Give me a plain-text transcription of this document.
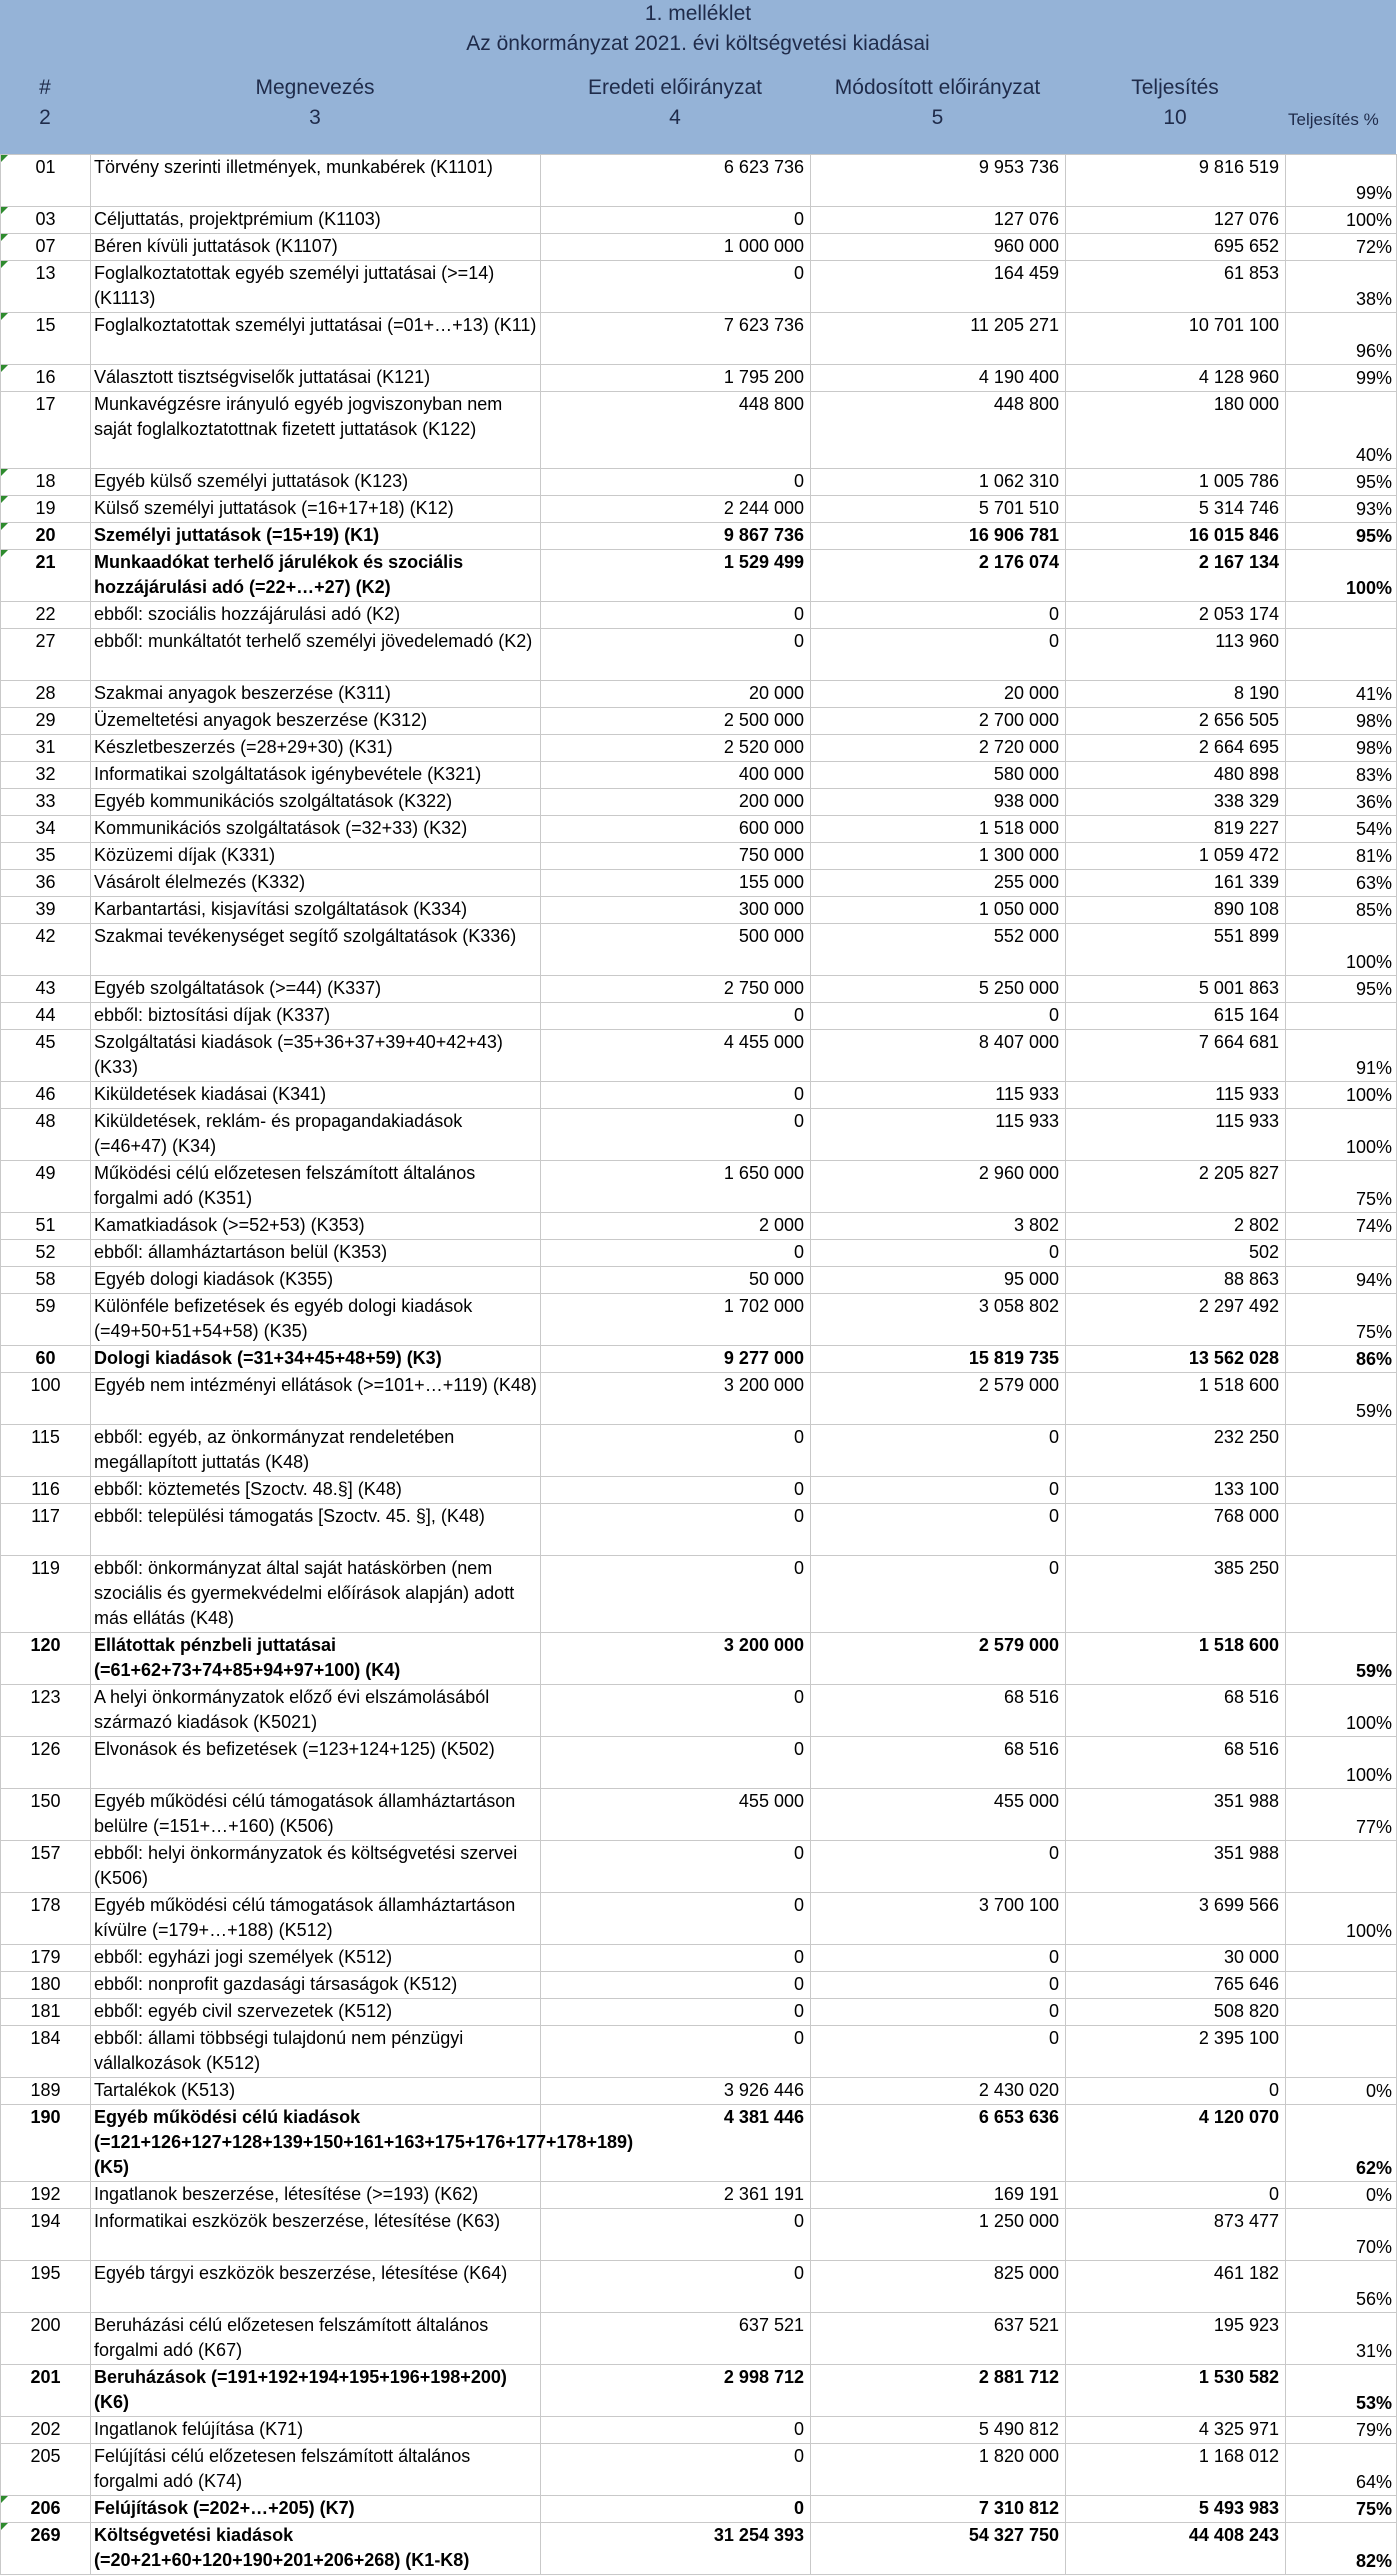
1. melléklet
Az önkormányzat 2021. évi költségvetési kiadásai
#	Megnevezés	Eredeti előirányzat	Módosított előirányzat	Teljesítés
2	3	4	5	10	Teljesítés %
01	Törvény szerinti illetmények, munkabérek (K1101)	6 623 736	9 953 736	9 816 519	99%
03	Céljuttatás, projektprémium (K1103)	0	127 076	127 076	100%
07	Béren kívüli juttatások (K1107)	1 000 000	960 000	695 652	72%
13	Foglalkoztatottak egyéb személyi juttatásai (>=14) (K1113)	0	164 459	61 853	38%
15	Foglalkoztatottak személyi juttatásai (=01+…+13) (K11)	7 623 736	11 205 271	10 701 100	96%
16	Választott tisztségviselők juttatásai (K121)	1 795 200	4 190 400	4 128 960	99%
17	Munkavégzésre irányuló egyéb jogviszonyban nem saját foglalkoztatottnak fizetett juttatások (K122)	448 800	448 800	180 000	40%
18	Egyéb külső személyi juttatások (K123)	0	1 062 310	1 005 786	95%
19	Külső személyi juttatások (=16+17+18) (K12)	2 244 000	5 701 510	5 314 746	93%
20	Személyi juttatások (=15+19) (K1)	9 867 736	16 906 781	16 015 846	95%
21	Munkaadókat terhelő járulékok és szociális hozzájárulási adó (=22+…+27) (K2)	1 529 499	2 176 074	2 167 134	100%
22	ebből: szociális hozzájárulási adó (K2)	0	0	2 053 174	
27	ebből: munkáltatót terhelő személyi jövedelemadó (K2)	0	0	113 960	
28	Szakmai anyagok beszerzése (K311)	20 000	20 000	8 190	41%
29	Üzemeltetési anyagok beszerzése (K312)	2 500 000	2 700 000	2 656 505	98%
31	Készletbeszerzés (=28+29+30) (K31)	2 520 000	2 720 000	2 664 695	98%
32	Informatikai szolgáltatások igénybevétele (K321)	400 000	580 000	480 898	83%
33	Egyéb kommunikációs szolgáltatások (K322)	200 000	938 000	338 329	36%
34	Kommunikációs szolgáltatások (=32+33) (K32)	600 000	1 518 000	819 227	54%
35	Közüzemi díjak (K331)	750 000	1 300 000	1 059 472	81%
36	Vásárolt élelmezés (K332)	155 000	255 000	161 339	63%
39	Karbantartási, kisjavítási szolgáltatások (K334)	300 000	1 050 000	890 108	85%
42	Szakmai tevékenységet segítő szolgáltatások (K336)	500 000	552 000	551 899	100%
43	Egyéb szolgáltatások (>=44) (K337)	2 750 000	5 250 000	5 001 863	95%
44	ebből: biztosítási díjak (K337)	0	0	615 164	
45	Szolgáltatási kiadások (=35+36+37+39+40+42+43) (K33)	4 455 000	8 407 000	7 664 681	91%
46	Kiküldetések kiadásai (K341)	0	115 933	115 933	100%
48	Kiküldetések, reklám- és propagandakiadások (=46+47) (K34)	0	115 933	115 933	100%
49	Működési célú előzetesen felszámított általános forgalmi adó (K351)	1 650 000	2 960 000	2 205 827	75%
51	Kamatkiadások (>=52+53) (K353)	2 000	3 802	2 802	74%
52	ebből: államháztartáson belül (K353)	0	0	502	
58	Egyéb dologi kiadások (K355)	50 000	95 000	88 863	94%
59	Különféle befizetések és egyéb dologi kiadások (=49+50+51+54+58) (K35)	1 702 000	3 058 802	2 297 492	75%
60	Dologi kiadások (=31+34+45+48+59) (K3)	9 277 000	15 819 735	13 562 028	86%
100	Egyéb nem intézményi ellátások (>=101+…+119) (K48)	3 200 000	2 579 000	1 518 600	59%
115	ebből: egyéb, az önkormányzat rendeletében megállapított juttatás (K48)	0	0	232 250	
116	ebből: köztemetés [Szoctv. 48.§] (K48)	0	0	133 100	
117	ebből: települési támogatás [Szoctv. 45. §], (K48)	0	0	768 000	
119	ebből: önkormányzat által saját hatáskörben (nem szociális és gyermekvédelmi előírások alapján) adott más ellátás (K48)	0	0	385 250	
120	Ellátottak pénzbeli juttatásai (=61+62+73+74+85+94+97+100) (K4)	3 200 000	2 579 000	1 518 600	59%
123	A helyi önkormányzatok előző évi elszámolásából származó kiadások (K5021)	0	68 516	68 516	100%
126	Elvonások és befizetések (=123+124+125) (K502)	0	68 516	68 516	100%
150	Egyéb működési célú támogatások államháztartáson belülre (=151+…+160) (K506)	455 000	455 000	351 988	77%
157	ebből: helyi önkormányzatok és költségvetési szervei (K506)	0	0	351 988	
178	Egyéb működési célú támogatások államháztartáson kívülre (=179+…+188) (K512)	0	3 700 100	3 699 566	100%
179	ebből: egyházi jogi személyek (K512)	0	0	30 000	
180	ebből: nonprofit gazdasági társaságok (K512)	0	0	765 646	
181	ebből: egyéb civil szervezetek (K512)	0	0	508 820	
184	ebből: állami többségi tulajdonú nem pénzügyi vállalkozások (K512)	0	0	2 395 100	
189	Tartalékok (K513)	3 926 446	2 430 020	0	0%
190	Egyéb működési célú kiadások (=121+126+127+128+139+150+161+163+175+176+177+178+189) (K5)	4 381 446	6 653 636	4 120 070	62%
192	Ingatlanok beszerzése, létesítése (>=193) (K62)	2 361 191	169 191	0	0%
194	Informatikai eszközök beszerzése, létesítése (K63)	0	1 250 000	873 477	70%
195	Egyéb tárgyi eszközök beszerzése, létesítése (K64)	0	825 000	461 182	56%
200	Beruházási célú előzetesen felszámított általános forgalmi adó (K67)	637 521	637 521	195 923	31%
201	Beruházások (=191+192+194+195+196+198+200) (K6)	2 998 712	2 881 712	1 530 582	53%
202	Ingatlanok felújítása (K71)	0	5 490 812	4 325 971	79%
205	Felújítási célú előzetesen felszámított általános forgalmi adó (K74)	0	1 820 000	1 168 012	64%
206	Felújítások (=202+…+205) (K7)	0	7 310 812	5 493 983	75%
269	Költségvetési kiadások (=20+21+60+120+190+201+206+268) (K1-K8)	31 254 393	54 327 750	44 408 243	82%
